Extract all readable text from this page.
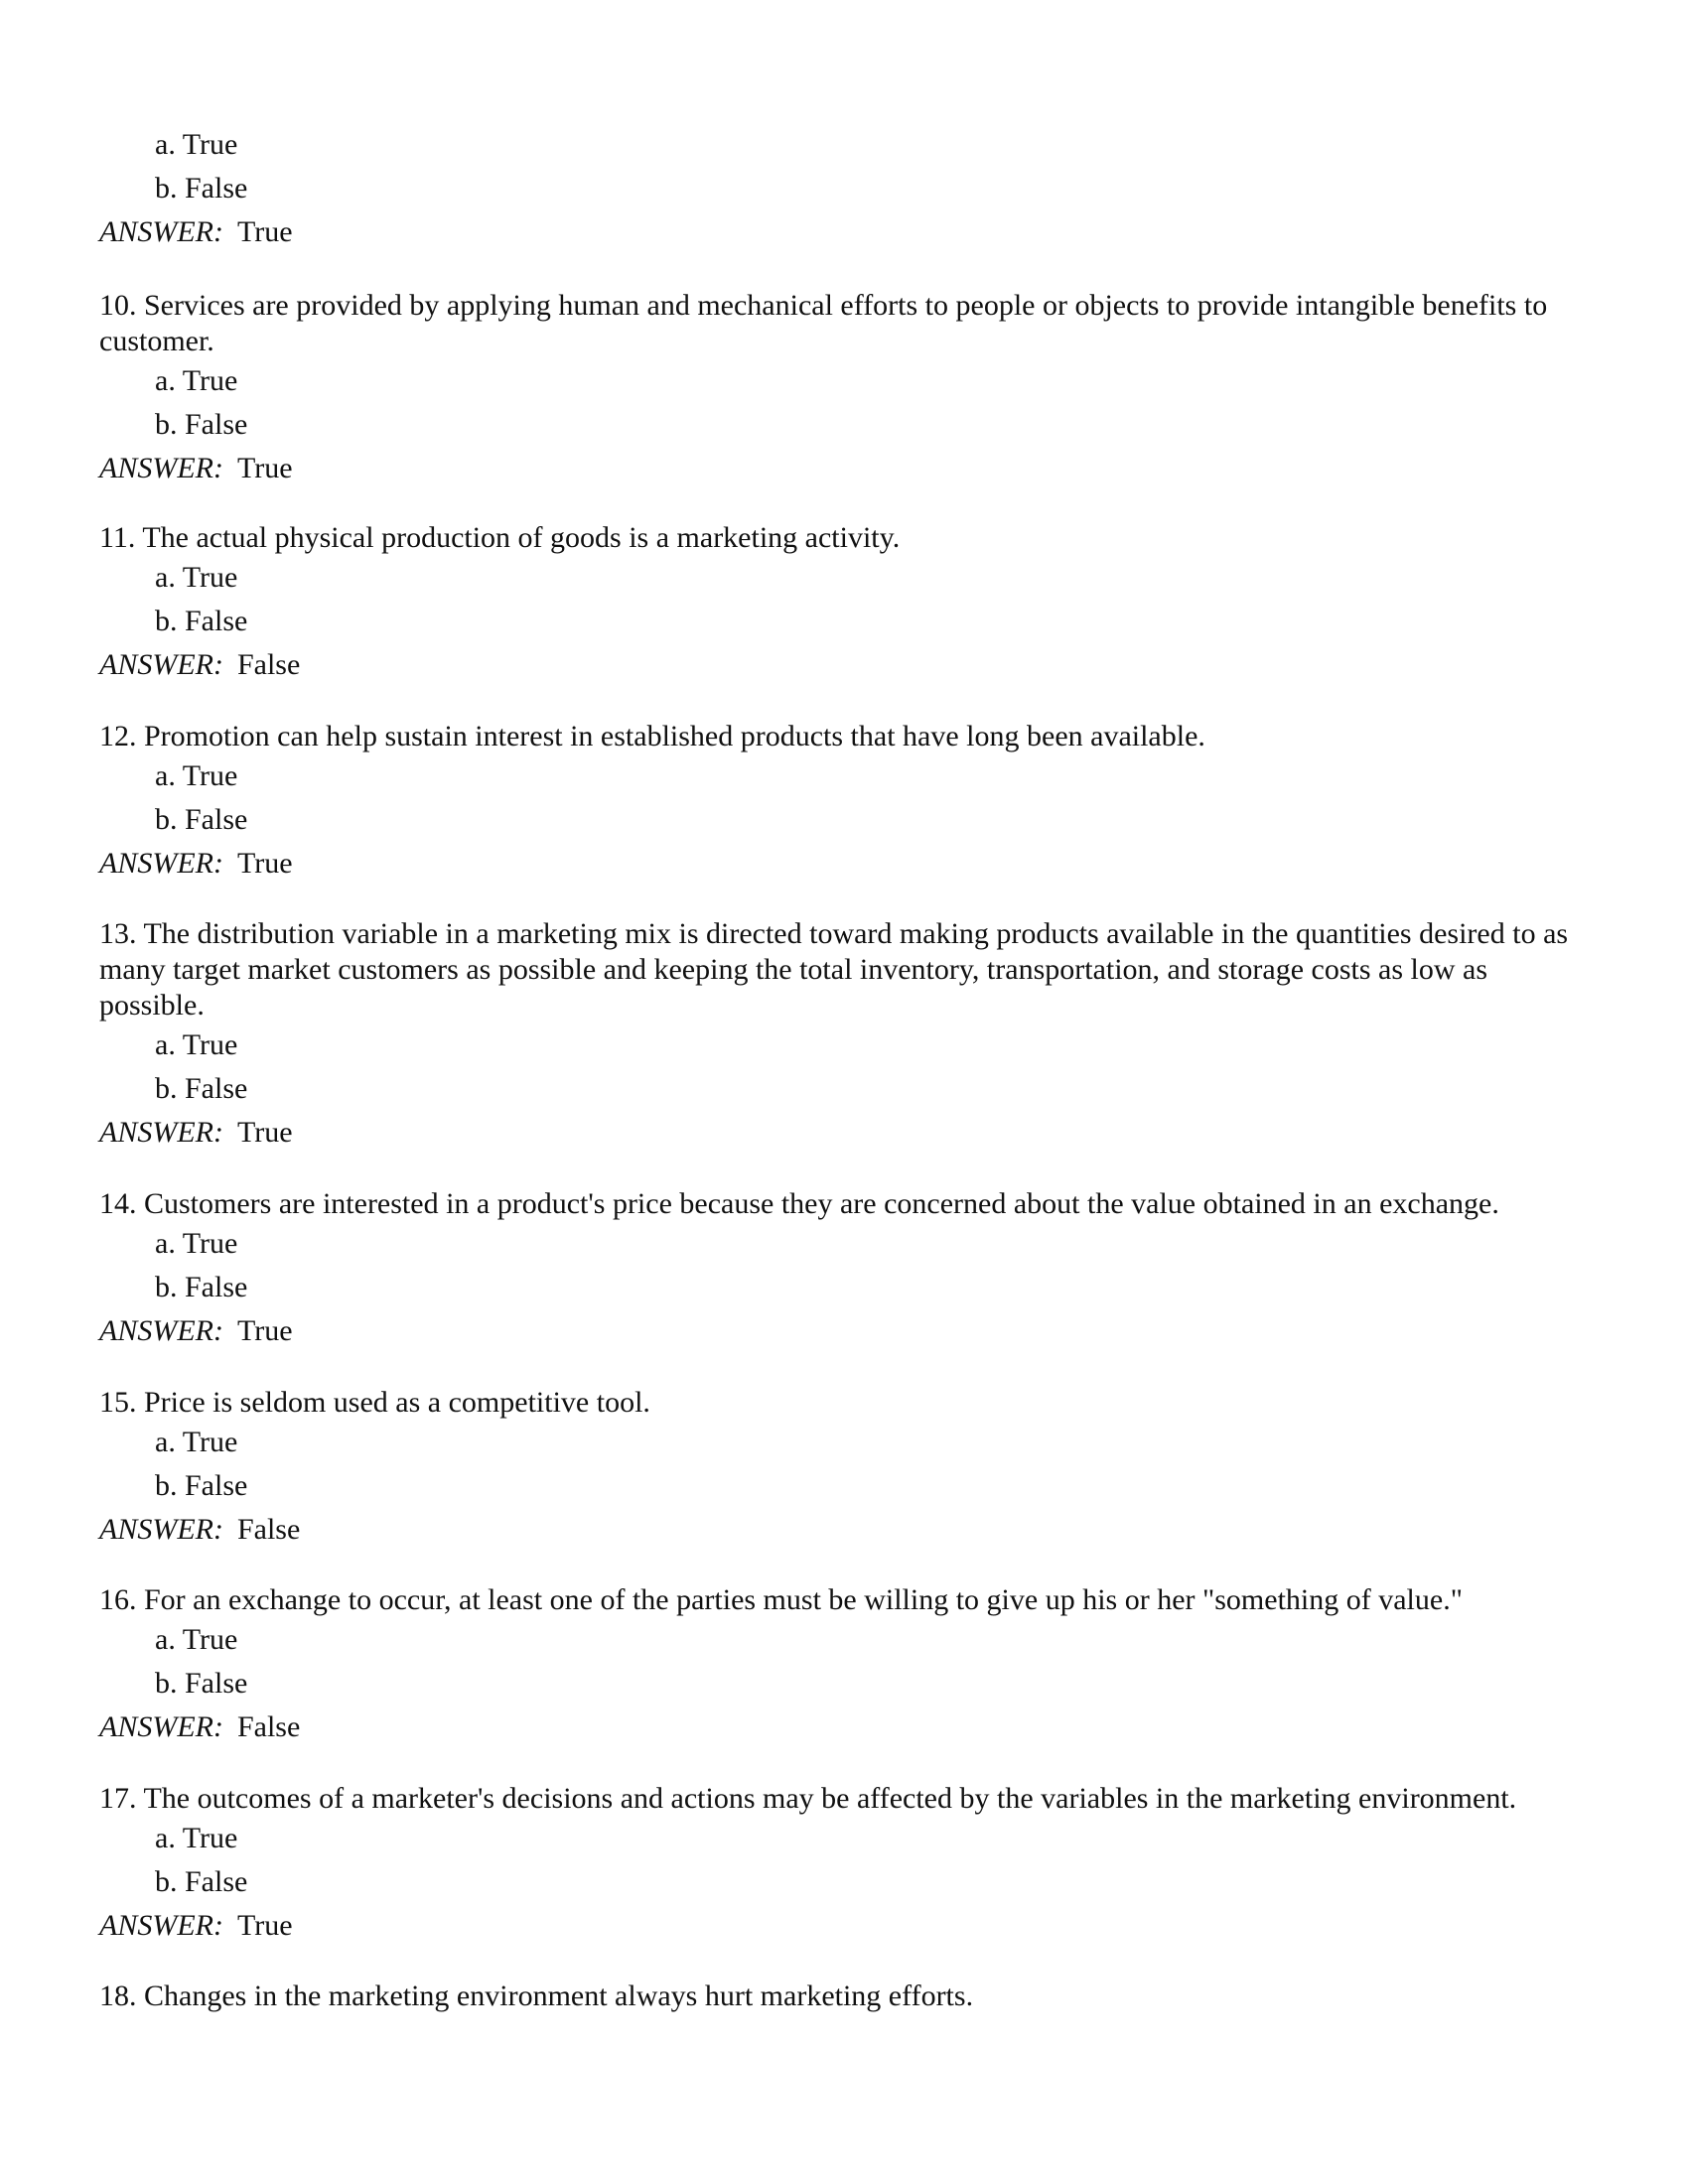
a. True

b. False

ANSWER: True

10. Services are provided by applying human and mechanical efforts to people or objects to provide intangible benefits to customer.

a. True

b. False

ANSWER: True

11. The actual physical production of goods is a marketing activity.

a. True

b. False

ANSWER: False

12. Promotion can help sustain interest in established products that have long been available.

a. True

b. False

ANSWER: True

13. The distribution variable in a marketing mix is directed toward making products available in the quantities desired to as many target market customers as possible and keeping the total inventory, transportation, and storage costs as low as possible.

a. True

b. False

ANSWER: True

14. Customers are interested in a product's price because they are concerned about the value obtained in an exchange.

a. True

b. False

ANSWER: True

15. Price is seldom used as a competitive tool.

a. True

b. False

ANSWER: False

16. For an exchange to occur, at least one of the parties must be willing to give up his or her "something of value."

a. True

b. False

ANSWER: False

17. The outcomes of a marketer's decisions and actions may be affected by the variables in the marketing environment.

a. True

b. False

ANSWER: True

18. Changes in the marketing environment always hurt marketing efforts.
